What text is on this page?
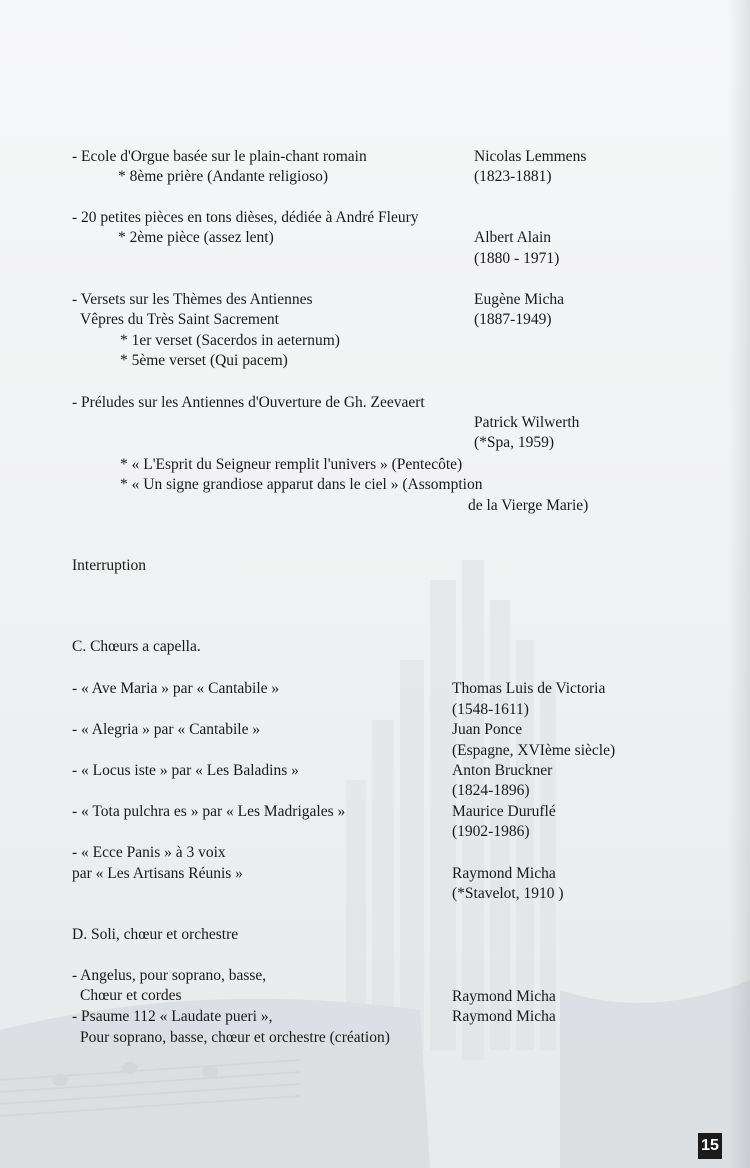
- Ecole d'Orgue basée sur le plain-chant romain	Nicolas Lemmens
* 8ème prière (Andante religioso)	(1823-1881)
- 20 petites pièces en tons dièses, dédiée à André Fleury
* 2ème pièce (assez lent)	Albert Alain
(1880 - 1971)
- Versets sur les Thèmes des Antiennes	Eugène Micha
Vêpres du Très Saint Sacrement	(1887-1949)
* 1er verset (Sacerdos in aeternum)
* 5ème verset (Qui pacem)
- Préludes sur les Antiennes d'Ouverture de Gh. Zeevaert
Patrick Wilwerth
(*Spa, 1959)
* « L'Esprit du Seigneur remplit l'univers » (Pentecôte)
* « Un signe grandiose apparut dans le ciel » (Assomption
de la Vierge Marie)
Interruption
C. Chœurs a capella.
- « Ave Maria » par « Cantabile »	Thomas Luis de Victoria
(1548-1611)
- « Alegria » par « Cantabile »	Juan Ponce
(Espagne, XVIème siècle)
- « Locus iste » par « Les Baladins »	Anton Bruckner
(1824-1896)
- « Tota pulchra es » par « Les Madrigales »	Maurice Duruflé
(1902-1986)
- « Ecce Panis » à 3 voix
par « Les Artisans Réunis »	Raymond Micha
(*Stavelot, 1910 )
D. Soli, chœur et orchestre
- Angelus, pour soprano, basse,
Chœur et cordes	Raymond Micha
- Psaume 112 « Laudate pueri »,	Raymond Micha
Pour soprano, basse, chœur et orchestre (création)
15
